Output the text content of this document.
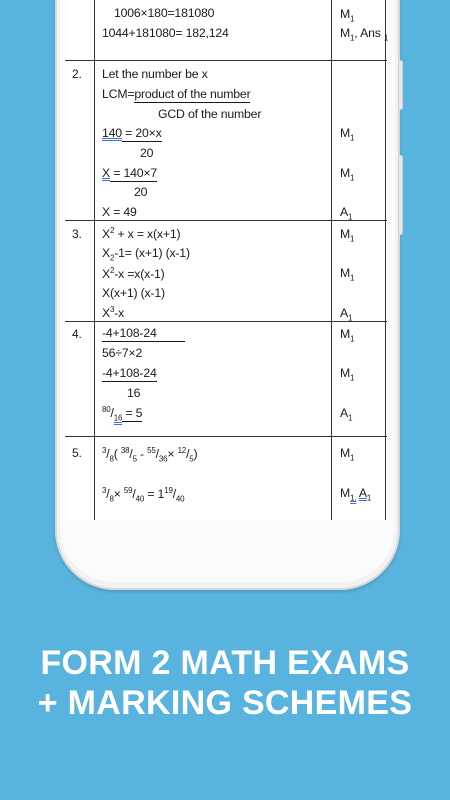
1006×180=181080
1044+181080= 182,124
$M_1$
$M_1$, Ans $_1$
2. Let the number be x
LCM=product of the number
GCD of the number
140 = 20×x
20
X = 140×7
20
X = 49
$M_1$
$M_1$
$A_1$
3. $X^2 + x = x(x+1)$
$X_2-1= (x+1)$ (x-1)
$X^2-x =x(x-1)$
X(x+1) (x-1)
$X^3-x$
$M_1$
$M_1$
$A_1$
4. -4+108-24
56÷7×2
-4+108-24
16
$^{80}/_{16} = 5$
$M_1$
$M_1$
$A_1$
5.	$^3/_8$( $^{38}/_5 - ^{55}/_{36}\times ^{12}/_5$)
$^3/_8\times ^{59}/_{40} = 1^{19}/_{40}$
$M_1$
$M_{1,}$ $A_1$
FORM 2 MATH EXAMS
+ MARKING SCHEMES
